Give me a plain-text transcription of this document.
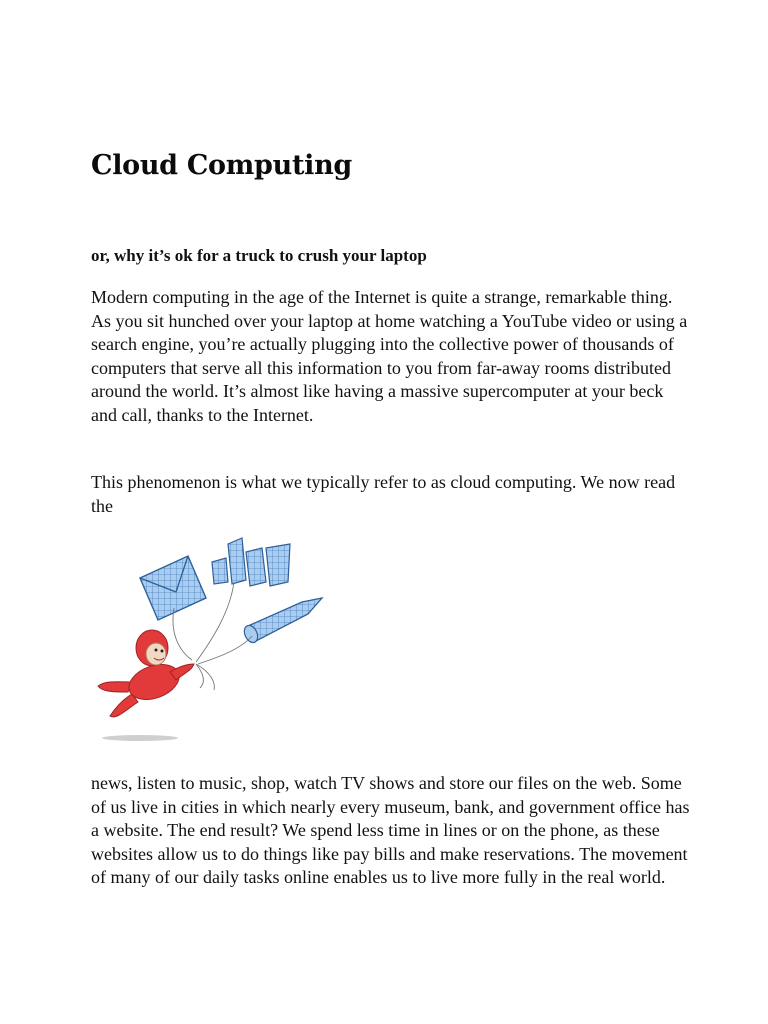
Cloud Computing

or, why it’s ok for a truck to crush your laptop

Modern computing in the age of the Internet is quite a strange, remarkable thing. As you sit hunched over your laptop at home watching a YouTube video or using a search engine, you’re actually plugging into the collective power of thousands of computers that serve all this information to you from far-away rooms distributed around the world. It’s almost like having a massive supercomputer at your beck and call, thanks to the Internet.

This phenomenon is what we typically refer to as cloud computing. We now read the

news, listen to music, shop, watch TV shows and store our files on the web. Some of us live in cities in which nearly every museum, bank, and government office has a website. The end result? We spend less time in lines or on the phone, as these websites allow us to do things like pay bills and make reservations. The movement of many of our daily tasks online enables us to live more fully in the real world.
